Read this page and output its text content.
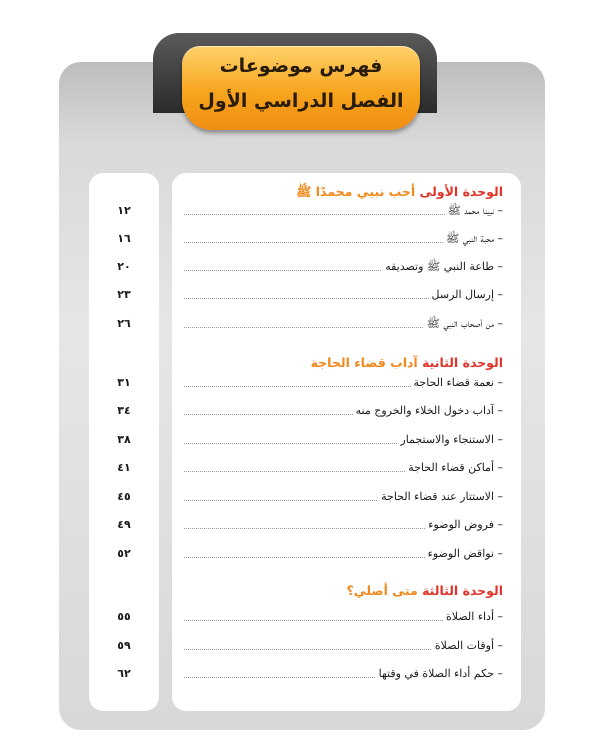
فهرس موضوعات
الفصل الدراسي الأول
الوحدة الأولى أحب نبيي محمدًا ﷺ
– نبينا محمد ﷺ
– محبة النبي ﷺ
– طاعة النبي ﷺ وتصديقه
– إرسال الرسل
– من أصحاب النبي ﷺ
الوحدة الثانية آداب قضاء الحاجة
– نعمة قضاء الحاجة
– آداب دخول الخلاء والخروج منه
– الاستنجاء والاستجمار
– أماكن قضاء الحاجة
– الاستتار عند قضاء الحاجة
– فروض الوضوء
– نواقض الوضوء
الوحدة الثالثة متى أصلي؟
– أداء الصلاة
– أوقات الصلاة
– حكم أداء الصلاة في وقتها
١٢
١٦
٢٠
٢٣
٢٦
٣١
٣٤
٣٨
٤١
٤٥
٤٩
٥٢
٥٥
٥٩
٦٢
